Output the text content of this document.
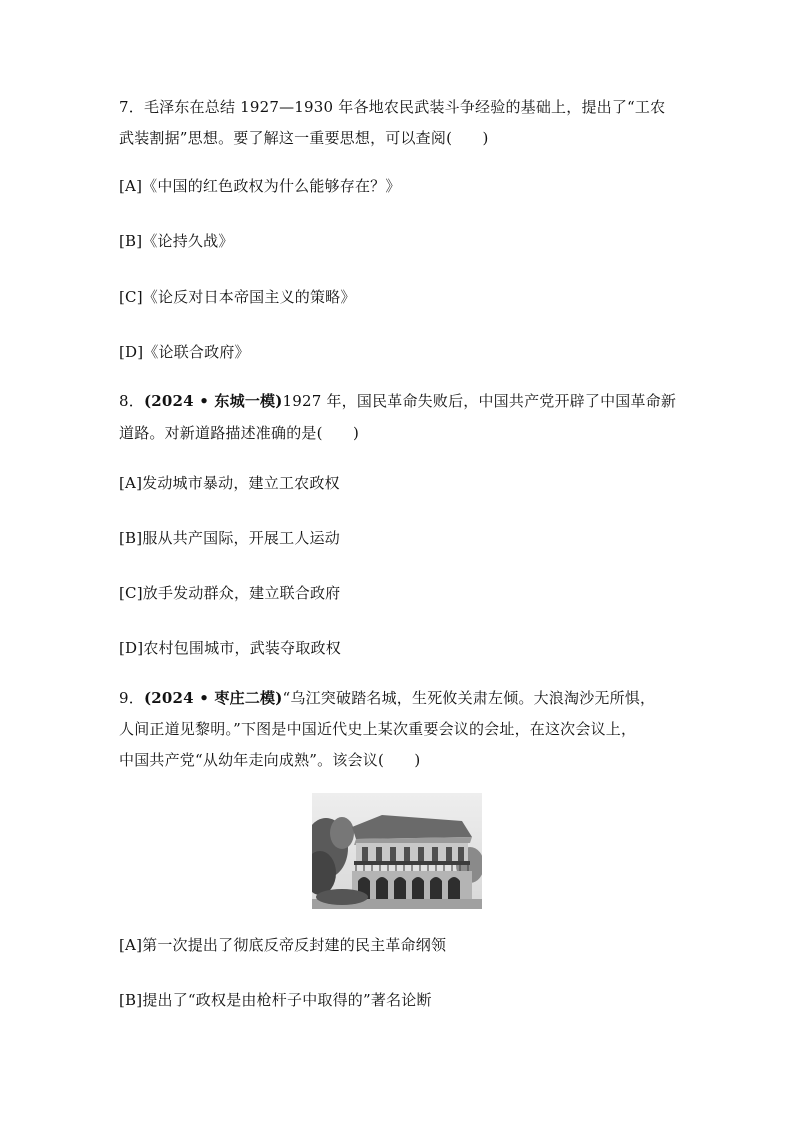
7．毛泽东在总结 1927—1930 年各地农民武装斗争经验的基础上，提出了“工农
武装割据”思想。要了解这一重要思想，可以查阅(　　)
[A]《中国的红色政权为什么能够存在？》
[B]《论持久战》
[C]《论反对日本帝国主义的策略》
[D]《论联合政府》
8．(2024 • 东城一模)1927 年，国民革命失败后，中国共产党开辟了中国革命新
道路。对新道路描述准确的是(　　)
[A]发动城市暴动，建立工农政权
[B]服从共产国际，开展工人运动
[C]放手发动群众，建立联合政府
[D]农村包围城市，武装夺取政权
9．(2024 • 枣庄二模)“乌江突破踏名城，生死攸关肃左倾。大浪淘沙无所惧，
人间正道见黎明。”下图是中国近代史上某次重要会议的会址，在这次会议上，
中国共产党“从幼年走向成熟”。该会议(　　)
[A]第一次提出了彻底反帝反封建的民主革命纲领
[B]提出了“政权是由枪杆子中取得的”著名论断
